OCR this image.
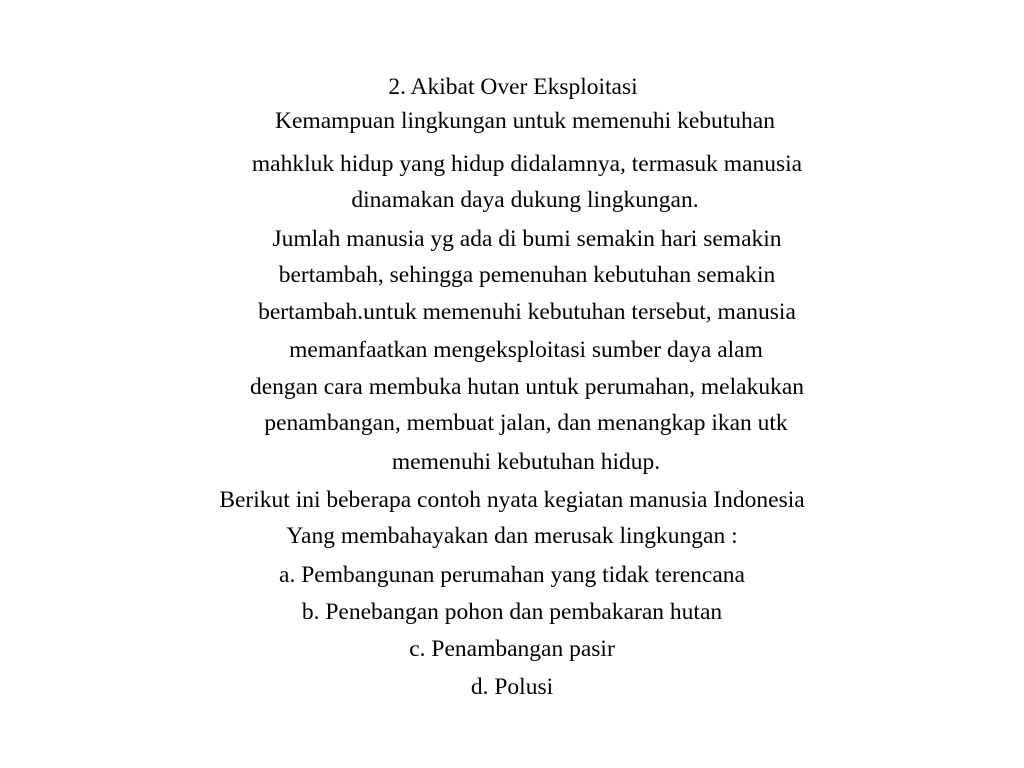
2. Akibat Over Eksploitasi
Kemampuan lingkungan untuk memenuhi kebutuhan
mahkluk hidup yang hidup didalamnya, termasuk manusia
dinamakan daya dukung lingkungan.
Jumlah manusia yg ada di bumi semakin hari semakin
bertambah, sehingga pemenuhan kebutuhan semakin
bertambah.untuk memenuhi kebutuhan tersebut, manusia
memanfaatkan mengeksploitasi sumber daya alam
dengan cara membuka hutan untuk perumahan, melakukan
penambangan, membuat jalan, dan menangkap ikan utk
memenuhi kebutuhan hidup.
Berikut ini beberapa contoh nyata kegiatan manusia Indonesia
Yang membahayakan dan merusak lingkungan :
a. Pembangunan perumahan yang tidak terencana
b. Penebangan pohon dan pembakaran hutan
c. Penambangan pasir
d. Polusi
